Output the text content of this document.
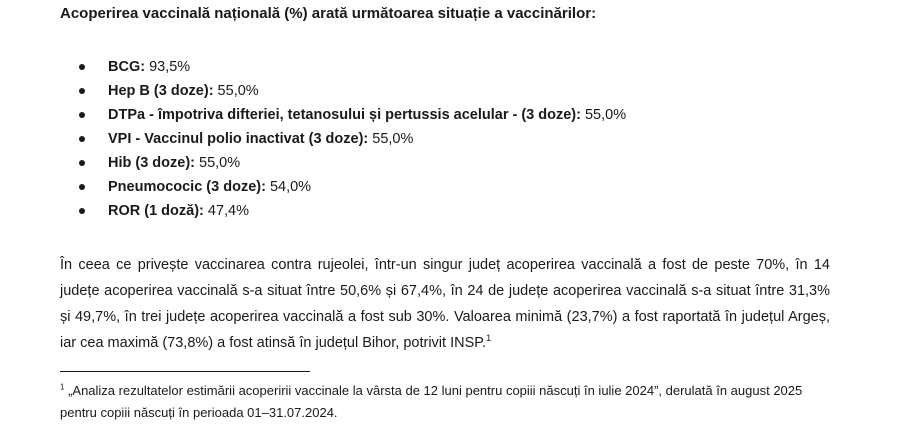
Acoperirea vaccinală națională (%) arată următoarea situație a vaccinărilor:
BCG: 93,5%
Hep B (3 doze): 55,0%
DTPa - împotriva difteriei, tetanosului și pertussis acelular - (3 doze): 55,0%
VPI - Vaccinul polio inactivat (3 doze): 55,0%
Hib (3 doze): 55,0%
Pneumococic (3 doze): 54,0%
ROR (1 doză): 47,4%

În ceea ce privește vaccinarea contra rujeolei, într-un singur județ acoperirea vaccinală a fost de peste 70%, în 14 județe acoperirea vaccinală s-a situat între 50,6% și 67,4%, în 24 de județe acoperirea vaccinală s-a situat între 31,3% și 49,7%, în trei județe acoperirea vaccinală a fost sub 30%. Valoarea minimă (23,7%) a fost raportată în județul Argeș, iar cea maximă (73,8%) a fost atinsă în județul Bihor, potrivit INSP.$^1$

$^1$ „Analiza rezultatelor estimării acoperirii vaccinale la vârsta de 12 luni pentru copiii născuți în iulie 2024”, derulată în august 2025 pentru copiii născuți în perioada 01–31.07.2024.
